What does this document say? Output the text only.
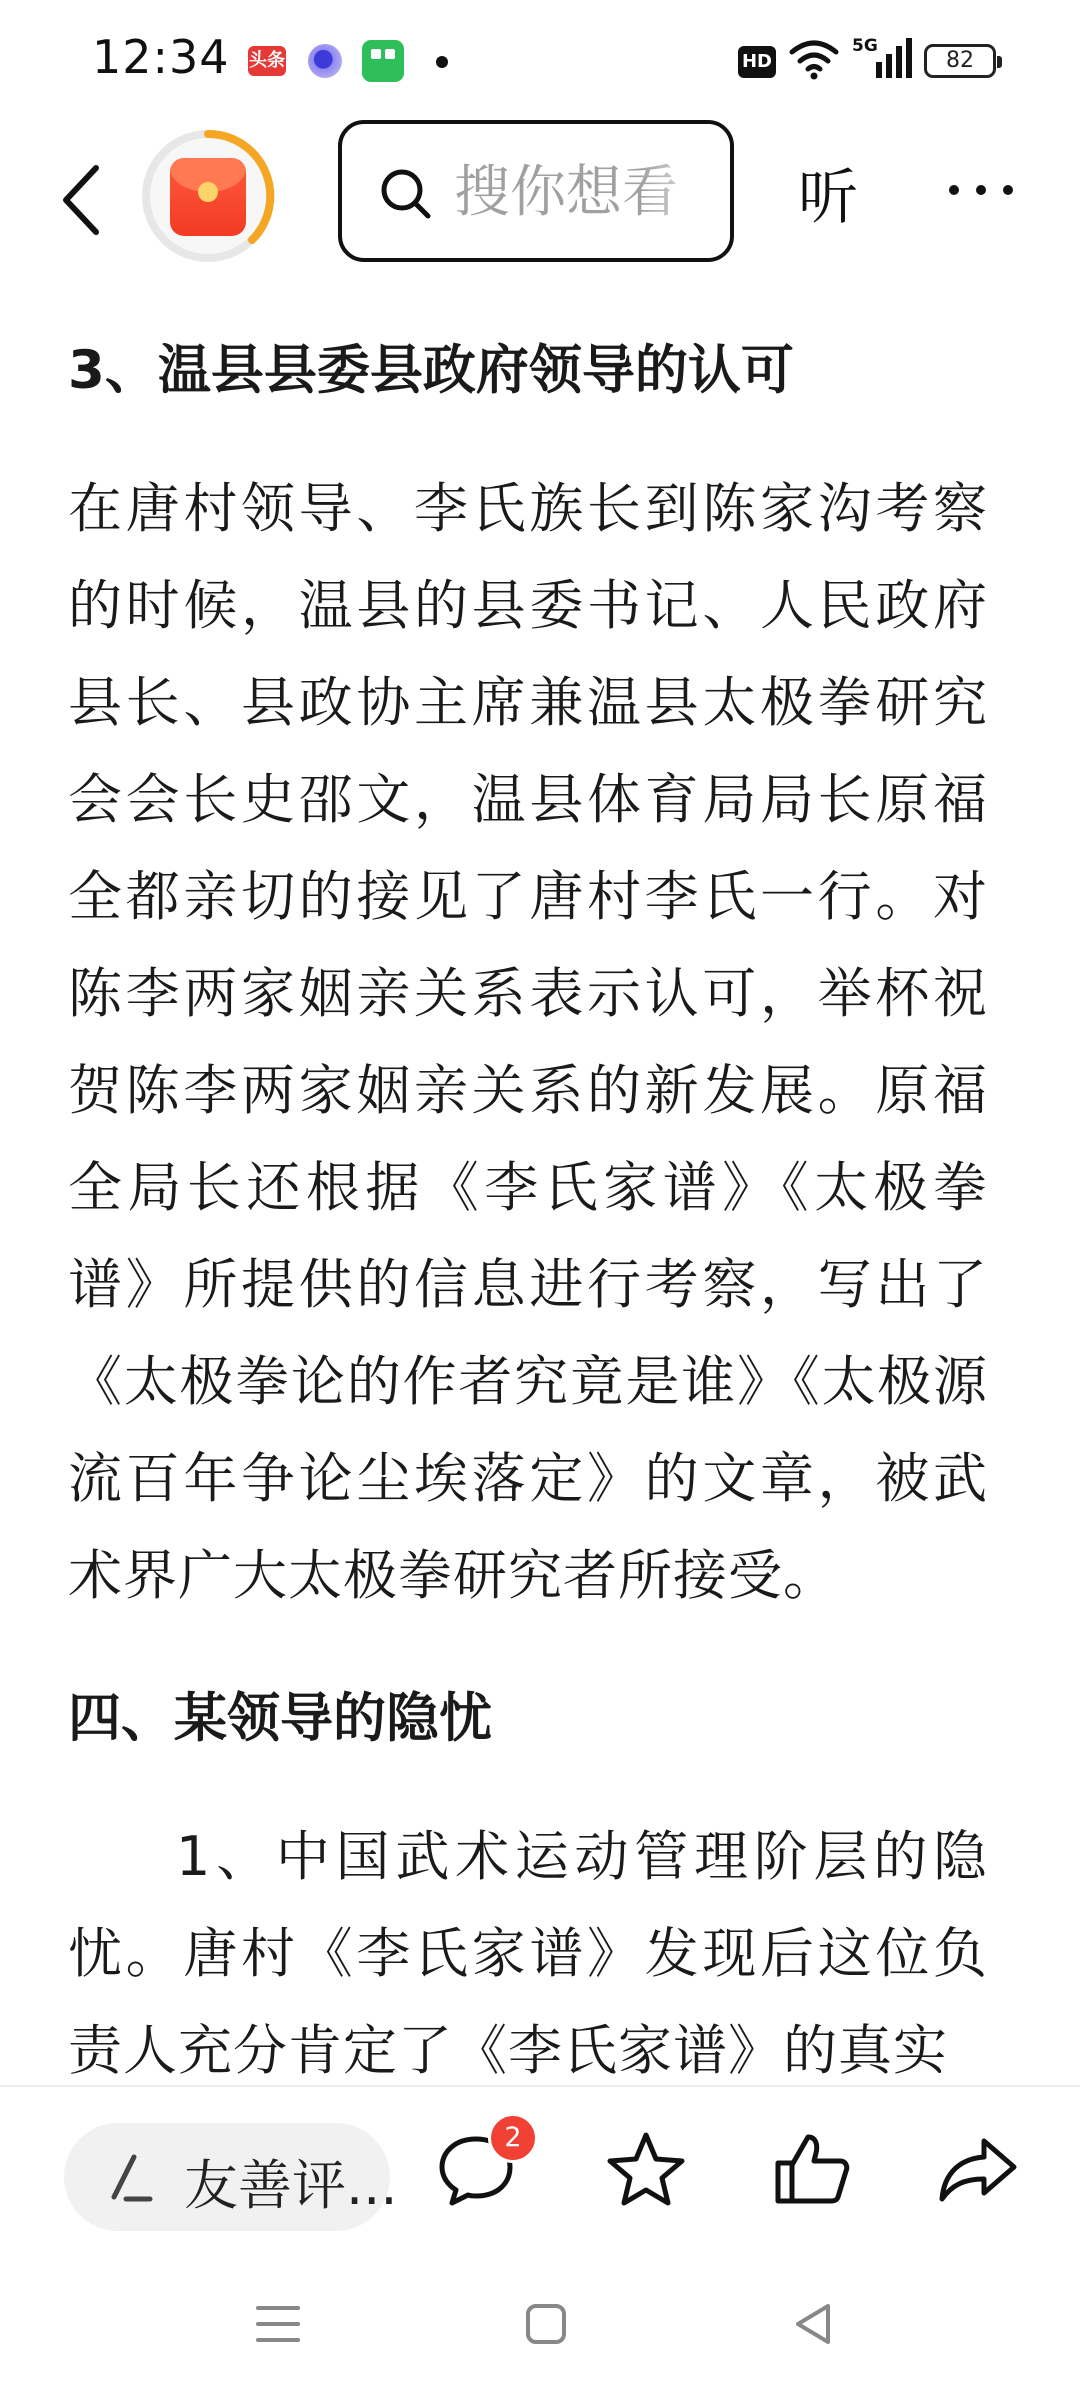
12:34 头条	HD
5G
82
搜你想看
听
3、温县县委县政府领导的认可

在唐村领导、李氏族长到陈家沟考察的时候，温县的县委书记、人民政府县长、县政协主席兼温县太极拳研究会会长史邵文，温县体育局局长原福全都亲切的接见了唐村李氏一行。对陈李两家姻亲关系表示认可，举杯祝贺陈李两家姻亲关系的新发展。原福全局长还根据《李氏家谱》《太极拳谱》所提供的信息进行考察，写出了《太极拳论的作者究竟是谁》《太极源流百年争论尘埃落定》的文章，被武术界广大太极拳研究者所接受。

四、某领导的隐忧

1、中国武术运动管理阶层的隐忧。唐村《李氏家谱》发现后这位负责人充分肯定了《李氏家谱》的真实

友善评...
2
